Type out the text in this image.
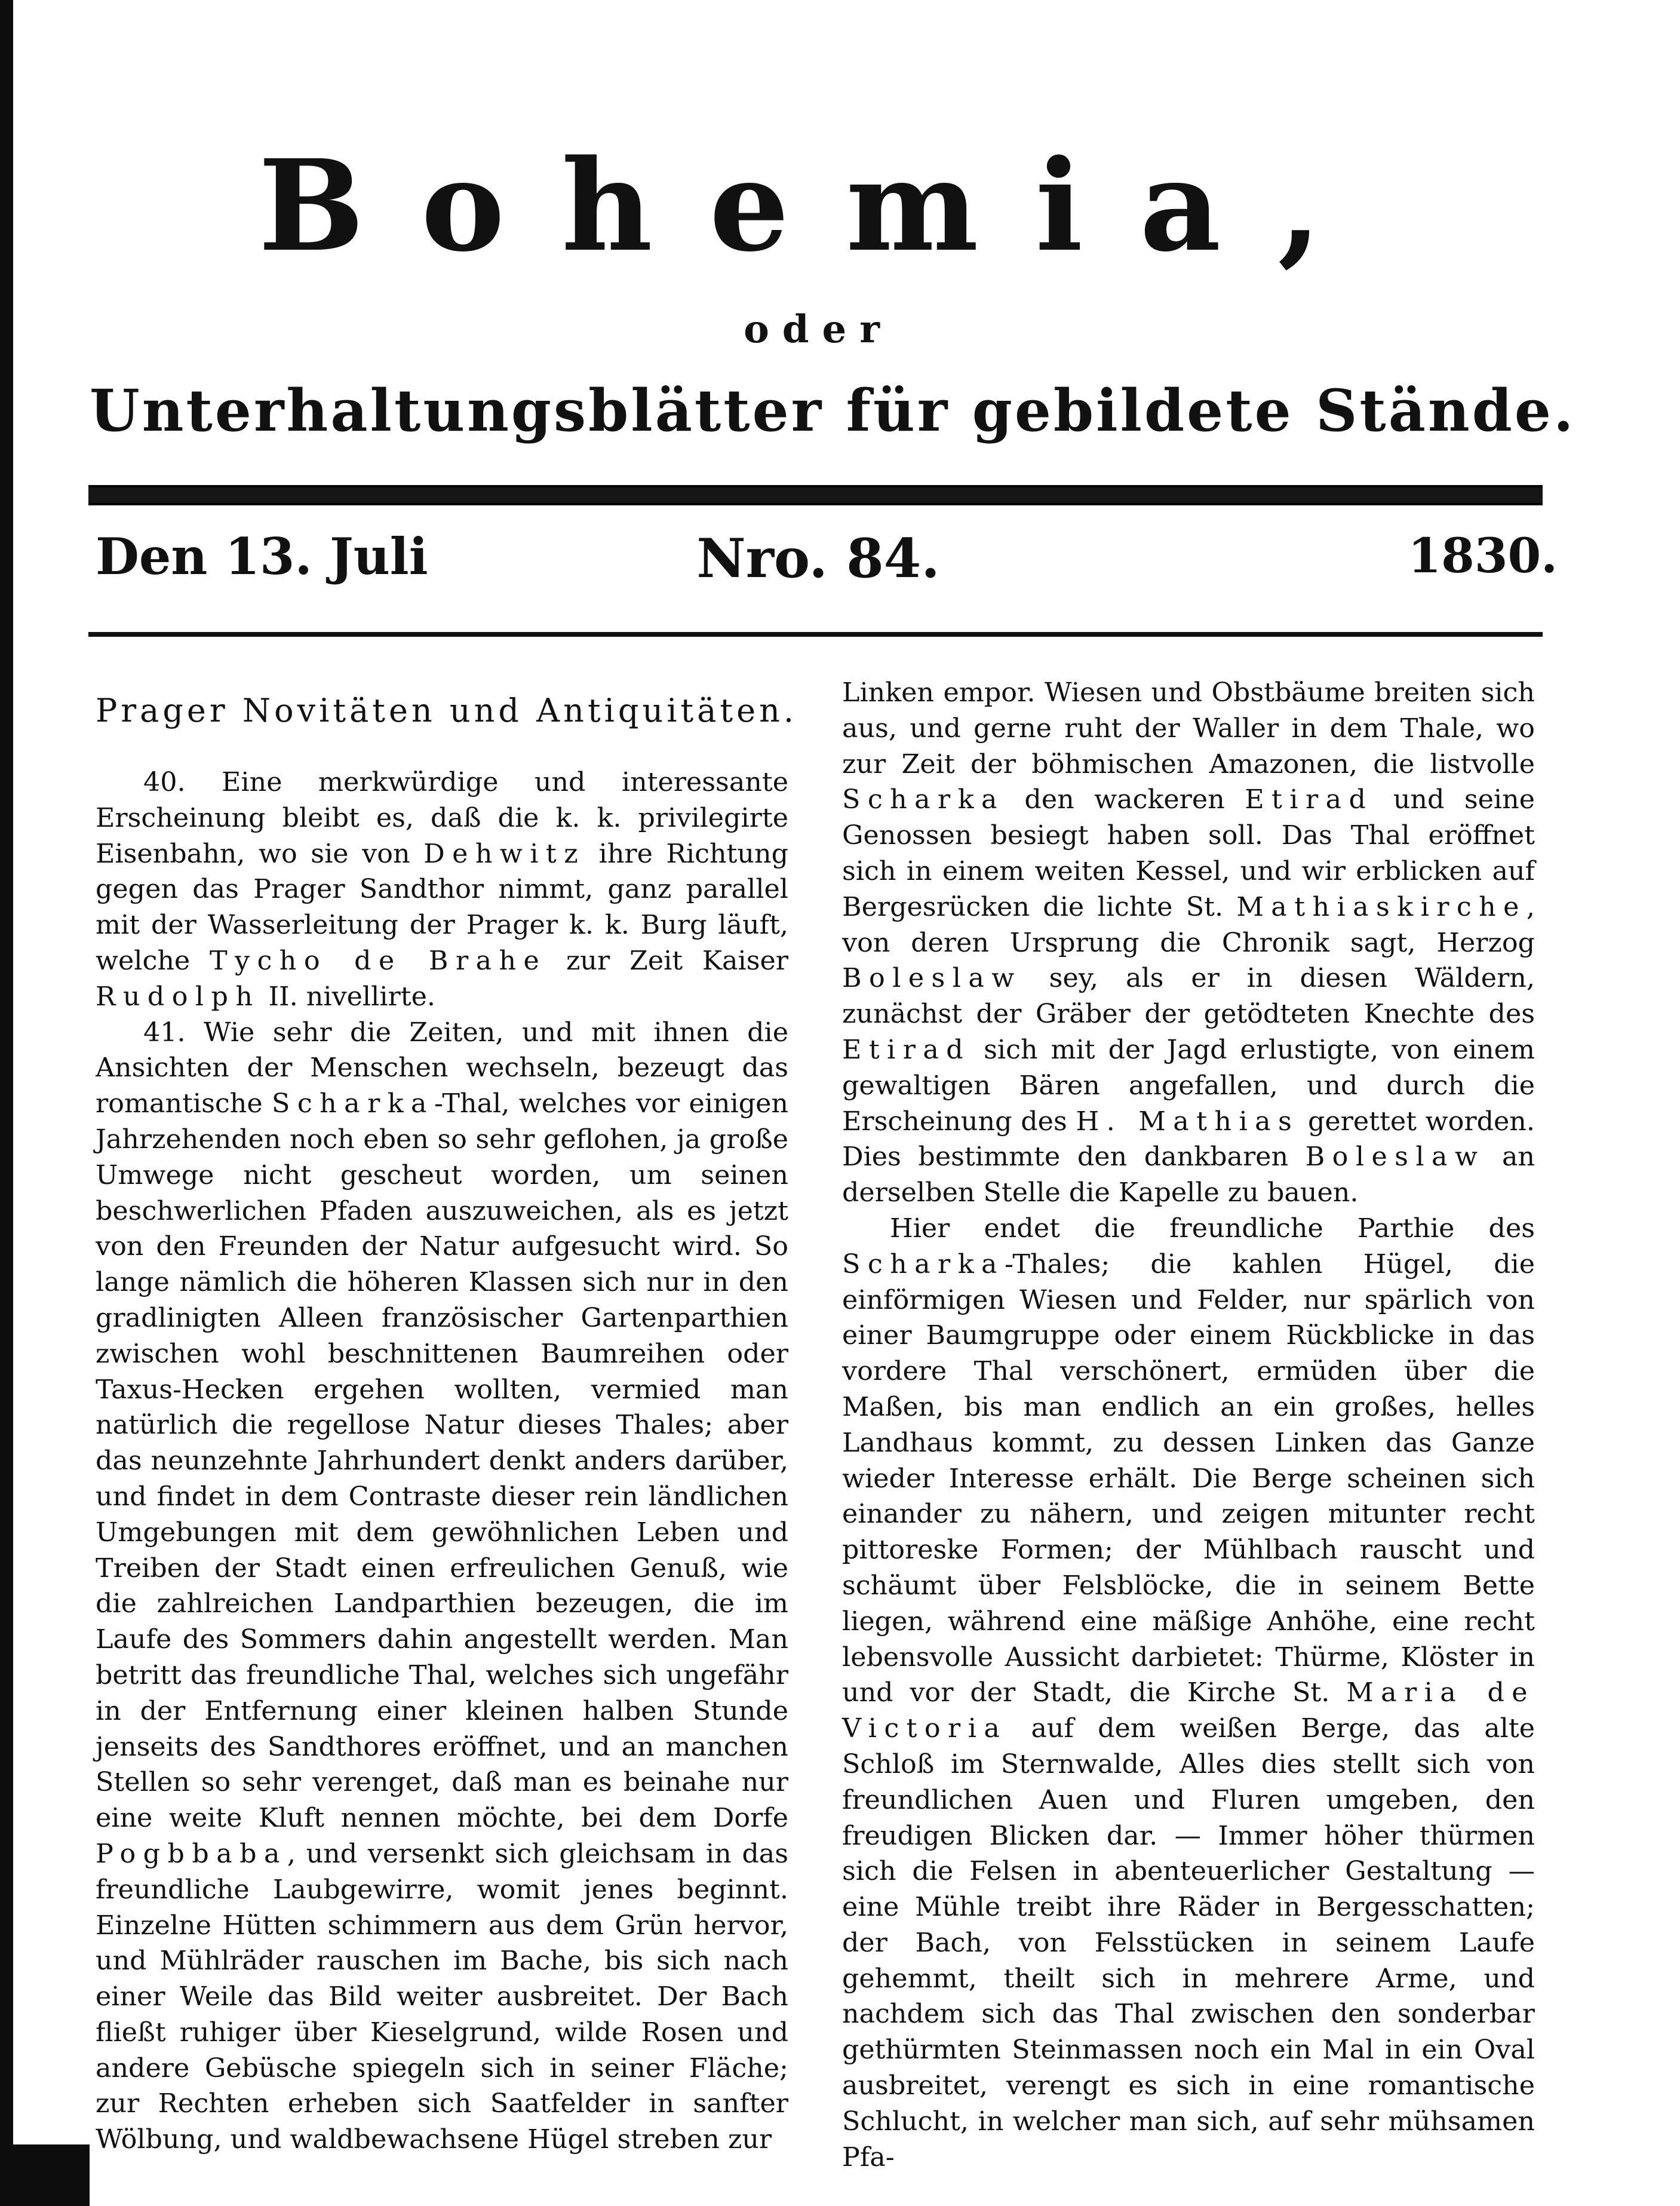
Bohemia,
oder
Unterhaltungsblätter für gebildete Stände.
Den 13. Juli	Nro. 84.	1830.
Prager Novitäten und Antiquitäten.

40. Eine merkwürdige und interessante Erscheinung bleibt es, daß die k. k. privilegirte Eisenbahn, wo sie von Dehwitz ihre Richtung gegen das Prager Sandthor nimmt, ganz parallel mit der Wasserleitung der Prager k. k. Burg läuft, welche Tycho de Brahe zur Zeit Kaiser Rudolph II. nivellirte.

41. Wie sehr die Zeiten, und mit ihnen die Ansichten der Menschen wechseln, bezeugt das romantische Scharka-Thal, welches vor einigen Jahrzehenden noch eben so sehr geflohen, ja große Umwege nicht gescheut worden, um seinen beschwerlichen Pfaden auszuweichen, als es jetzt von den Freunden der Natur aufgesucht wird. So lange nämlich die höheren Klassen sich nur in den gradlinigten Alleen französischer Gartenparthien zwischen wohl beschnittenen Baumreihen oder Taxus-Hecken ergehen wollten, vermied man natürlich die regellose Natur dieses Thales; aber das neunzehnte Jahrhundert denkt anders darüber, und findet in dem Contraste dieser rein ländlichen Umgebungen mit dem gewöhnlichen Leben und Treiben der Stadt einen erfreulichen Genuß, wie die zahlreichen Landparthien bezeugen, die im Laufe des Sommers dahin angestellt werden. Man betritt das freundliche Thal, welches sich ungefähr in der Entfernung einer kleinen halben Stunde jenseits des Sandthores eröffnet, und an manchen Stellen so sehr verenget, daß man es beinahe nur eine weite Kluft nennen möchte, bei dem Dorfe Pogbbaba, und versenkt sich gleichsam in das freundliche Laubgewirre, womit jenes beginnt. Einzelne Hütten schimmern aus dem Grün hervor, und Mühlräder rauschen im Bache, bis sich nach einer Weile das Bild weiter ausbreitet. Der Bach fließt ruhiger über Kieselgrund, wilde Rosen und andere Gebüsche spiegeln sich in seiner Fläche; zur Rechten erheben sich Saatfelder in sanfter Wölbung, und waldbewachsene Hügel streben zur

Linken empor. Wiesen und Obstbäume breiten sich aus, und gerne ruht der Waller in dem Thale, wo zur Zeit der böhmischen Amazonen, die listvolle Scharka den wackeren Etirad und seine Genossen besiegt haben soll. Das Thal eröffnet sich in einem weiten Kessel, und wir erblicken auf Bergesrücken die lichte St. Mathiaskirche, von deren Ursprung die Chronik sagt, Herzog Boleslaw sey, als er in diesen Wäldern, zunächst der Gräber der getödteten Knechte des Etirad sich mit der Jagd erlustigte, von einem gewaltigen Bären angefallen, und durch die Erscheinung des H. Mathias gerettet worden. Dies bestimmte den dankbaren Boleslaw an derselben Stelle die Kapelle zu bauen.

Hier endet die freundliche Parthie des Scharka-Thales; die kahlen Hügel, die einförmigen Wiesen und Felder, nur spärlich von einer Baumgruppe oder einem Rückblicke in das vordere Thal verschönert, ermüden über die Maßen, bis man endlich an ein großes, helles Landhaus kommt, zu dessen Linken das Ganze wieder Interesse erhält. Die Berge scheinen sich einander zu nähern, und zeigen mitunter recht pittoreske Formen; der Mühlbach rauscht und schäumt über Felsblöcke, die in seinem Bette liegen, während eine mäßige Anhöhe, eine recht lebensvolle Aussicht darbietet: Thürme, Klöster in und vor der Stadt, die Kirche St. Maria de Victoria auf dem weißen Berge, das alte Schloß im Sternwalde, Alles dies stellt sich von freundlichen Auen und Fluren umgeben, den freudigen Blicken dar. — Immer höher thürmen sich die Felsen in abenteuerlicher Gestaltung — eine Mühle treibt ihre Räder in Bergesschatten; der Bach, von Felsstücken in seinem Laufe gehemmt, theilt sich in mehrere Arme, und nachdem sich das Thal zwischen den sonderbar gethürmten Steinmassen noch ein Mal in ein Oval ausbreitet, verengt es sich in eine romantische Schlucht, in welcher man sich, auf sehr mühsamen Pfa-
